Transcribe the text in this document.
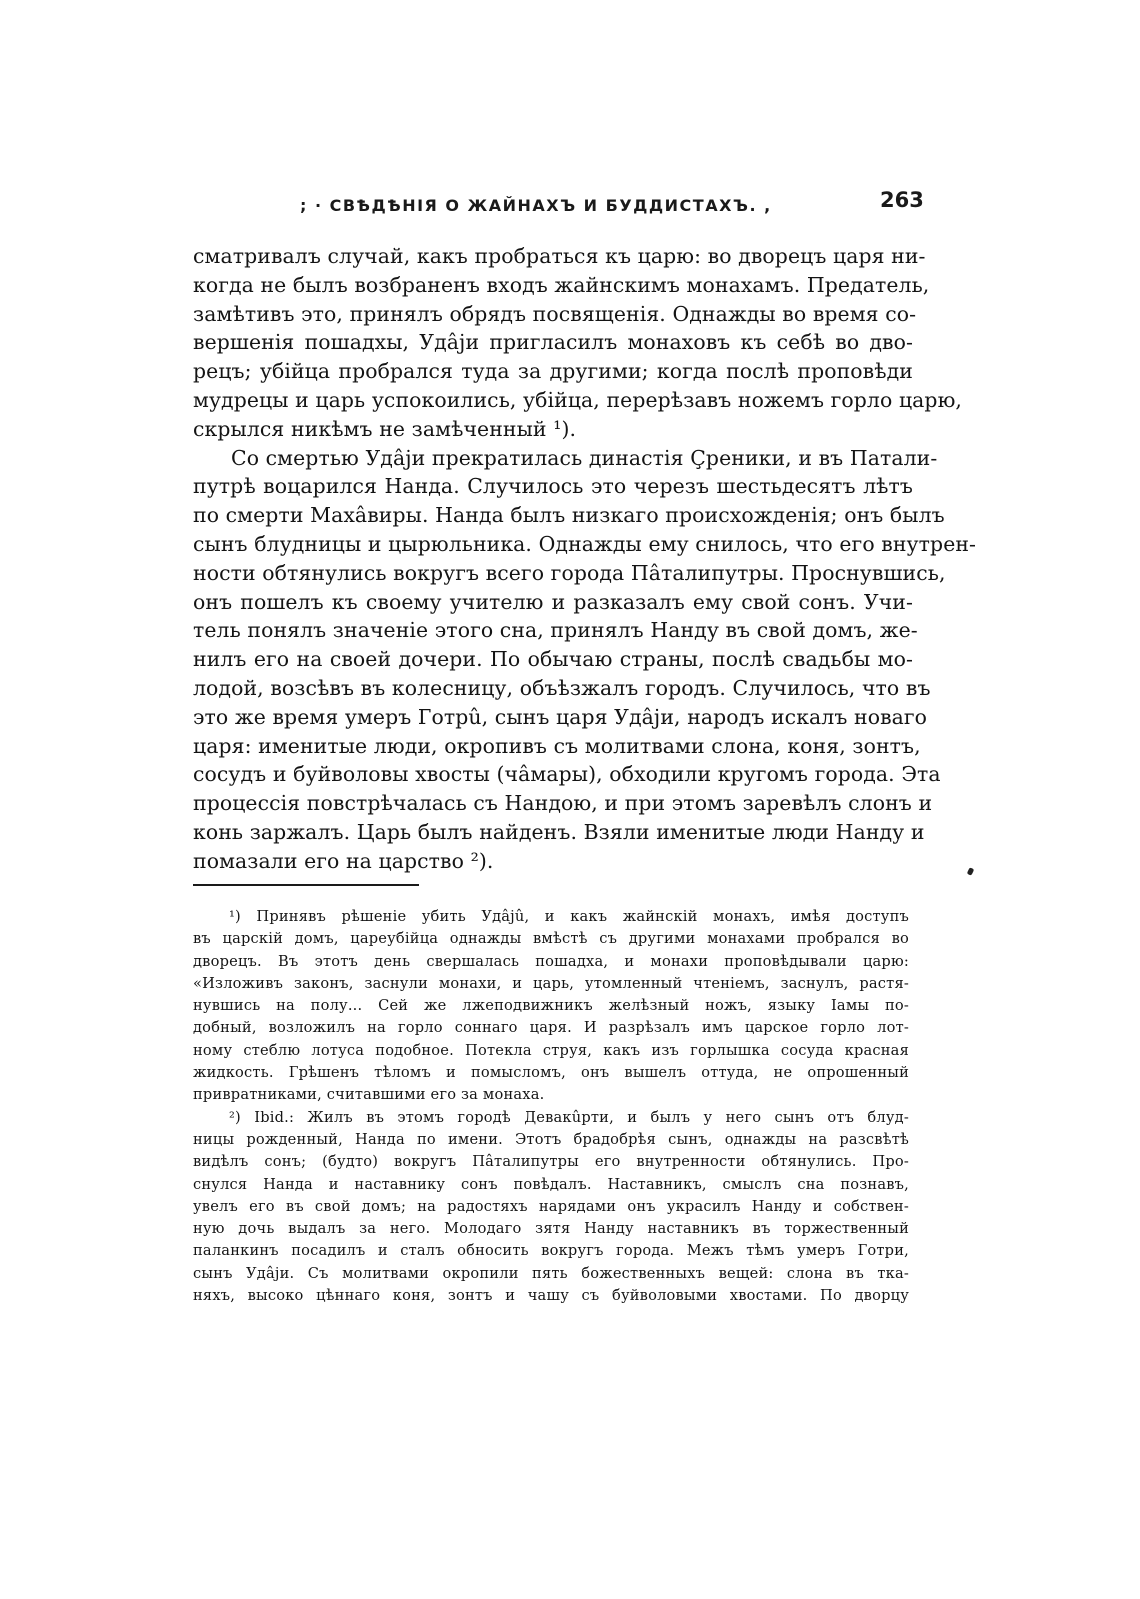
; · СВѢДѢНІЯ О ЖАЙНАХЪ И БУДДИСТАХЪ. ,	263
сматривалъ случай, какъ пробраться къ царю: во дворецъ царя ни-
когда не былъ возбраненъ входъ жайнскимъ монахамъ. Предатель,
замѣтивъ это, принялъ обрядъ посвященія. Однажды во время со-
вершенія пошадхы, Удâjи пригласилъ монаховъ къ себѣ во дво-
рецъ; убійца пробрался туда за другими; когда послѣ проповѣди
мудрецы и царь успокоились, убійца, перерѣзавъ ножемъ горло царю,
скрылся никѣмъ не замѣченный ¹).
Со смертью Удâjи прекратилась династія Çреники, и въ Патали-
путрѣ воцарился Нанда. Случилось это черезъ шестьдесятъ лѣтъ
по смерти Махâвиры. Нанда былъ низкаго происхожденія; онъ былъ
сынъ блудницы и цырюльника. Однажды ему снилось, что его внутрен-
ности обтянулись вокругъ всего города Пâталипутры. Проснувшись,
онъ пошелъ къ своему учителю и разказалъ ему свой сонъ. Учи-
тель понялъ значеніе этого сна, принялъ Нанду въ свой домъ, же-
нилъ его на своей дочери. По обычаю страны, послѣ свадьбы мо-
лодой, возсѣвъ въ колесницу, объѣзжалъ городъ. Случилось, что въ
это же время умеръ Готрû, сынъ царя Удâjи, народъ искалъ новаго
царя: именитые люди, окропивъ съ молитвами слона, коня, зонтъ,
сосудъ и буйволовы хвосты (чâмары), обходили кругомъ города. Эта
процессія повстрѣчалась съ Нандою, и при этомъ заревѣлъ слонъ и
конь заржалъ. Царь былъ найденъ. Взяли именитые люди Нанду и
помазали его на царство ²).
¹) Принявъ рѣшеніе убить Удâjû, и какъ жайнскій монахъ, имѣя доступъ
въ царскій домъ, цареубійца однажды вмѣстѣ съ другими монахами пробрался во
дворецъ. Въ этотъ день свершалась пошадха, и монахи проповѣдывали царю:
«Изложивъ законъ, заснули монахи, и царь, утомленный чтеніемъ, заснулъ, растя-
нувшись на полу... Сей же лжеподвижникъ желѣзный ножъ, языку Iамы по-
добный, возложилъ на горло соннаго царя. И разрѣзалъ имъ царское горло лот-
ному стеблю лотуса подобное. Потекла струя, какъ изъ горлышка сосуда красная
жидкость. Грѣшенъ тѣломъ и помысломъ, онъ вышелъ оттуда, не опрошенный
привратниками, считавшими его за монаха.
²) Ibid.: Жилъ въ этомъ городѣ Девакûрти, и былъ у него сынъ отъ блуд-
ницы рожденный, Нанда по имени. Этотъ брадобрѣя сынъ, однажды на разсвѣтѣ
видѣлъ сонъ; (будто) вокругъ Пâталипутры его внутренности обтянулись. Про-
снулся Нанда и наставнику сонъ повѣдалъ. Наставникъ, смыслъ сна познавъ,
увелъ его въ свой домъ; на радостяхъ нарядами онъ украсилъ Нанду и собствен-
ную дочь выдалъ за него. Молодаго зятя Нанду наставникъ въ торжественный
паланкинъ посадилъ и сталъ обносить вокругъ города. Межъ тѣмъ умеръ Готри,
сынъ Удâjи. Съ молитвами окропили пять божественныхъ вещей: слона въ тка-
няхъ, высоко цѣннаго коня, зонтъ и чашу съ буйволовыми хвостами. По дворцу
